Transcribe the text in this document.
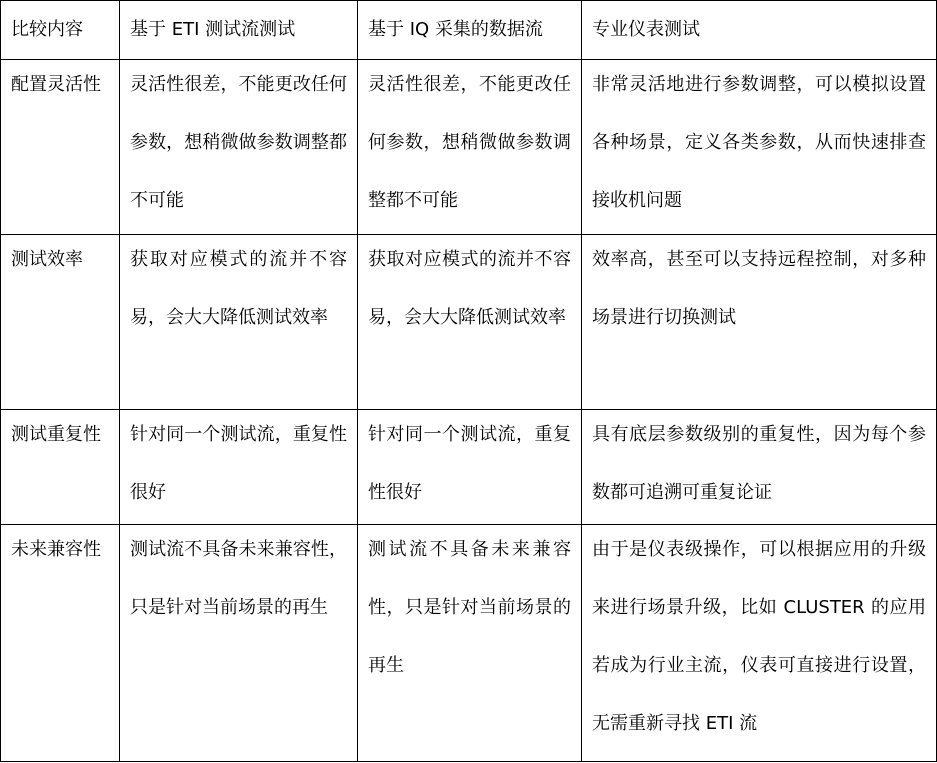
比较内容	基于 ETI 测试流测试	基于 IQ 采集的数据流	专业仪表测试

配置灵活性	灵活性很差，不能更改任何参数，想稍微做参数调整都不可能	灵活性很差，不能更改任何参数，想稍微做参数调整都不可能	非常灵活地进行参数调整，可以模拟设置各种场景，定义各类参数，从而快速排查接收机问题

测试效率	获取对应模式的流并不容易，会大大降低测试效率	获取对应模式的流并不容易，会大大降低测试效率	效率高，甚至可以支持远程控制，对多种场景进行切换测试

测试重复性	针对同一个测试流，重复性很好	针对同一个测试流，重复性很好	具有底层参数级别的重复性，因为每个参数都可追溯可重复论证

未来兼容性	测试流不具备未来兼容性，只是针对当前场景的再生	测试流不具备未来兼容性，只是针对当前场景的再生	由于是仪表级操作，可以根据应用的升级来进行场景升级，比如 CLUSTER 的应用若成为行业主流，仪表可直接进行设置，无需重新寻找 ETI 流
